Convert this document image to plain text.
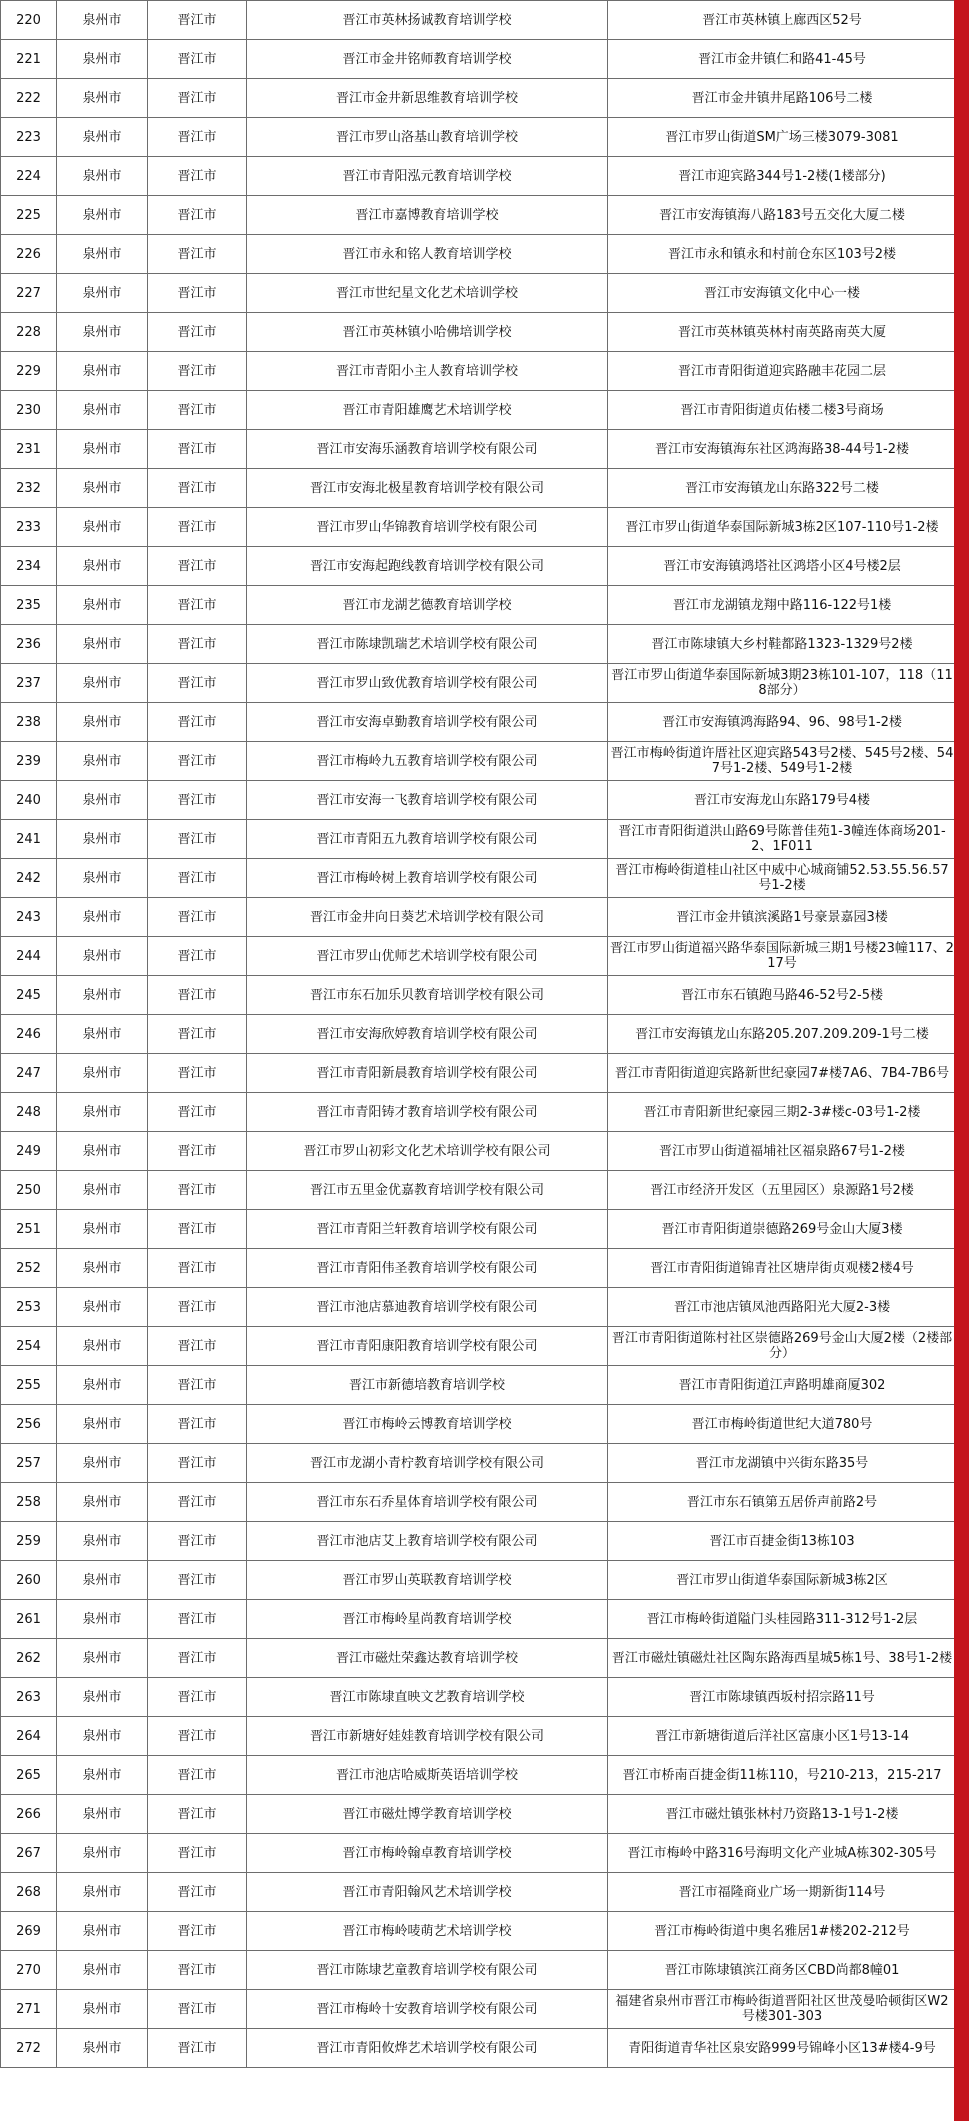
220	泉州市	晋江市	晋江市英林扬诚教育培训学校	晋江市英林镇上廊西区52号
221	泉州市	晋江市	晋江市金井铭师教育培训学校	晋江市金井镇仁和路41-45号
222	泉州市	晋江市	晋江市金井新思维教育培训学校	晋江市金井镇井尾路106号二楼
223	泉州市	晋江市	晋江市罗山洛基山教育培训学校	晋江市罗山街道SM广场三楼3079-3081
224	泉州市	晋江市	晋江市青阳泓元教育培训学校	晋江市迎宾路344号1-2楼(1楼部分)
225	泉州市	晋江市	晋江市嘉博教育培训学校	晋江市安海镇海八路183号五交化大厦二楼
226	泉州市	晋江市	晋江市永和铭人教育培训学校	晋江市永和镇永和村前仓东区103号2楼
227	泉州市	晋江市	晋江市世纪星文化艺术培训学校	晋江市安海镇文化中心一楼
228	泉州市	晋江市	晋江市英林镇小哈佛培训学校	晋江市英林镇英林村南英路南英大厦
229	泉州市	晋江市	晋江市青阳小主人教育培训学校	晋江市青阳街道迎宾路融丰花园二层
230	泉州市	晋江市	晋江市青阳雄鹰艺术培训学校	晋江市青阳街道贞佑楼二楼3号商场
231	泉州市	晋江市	晋江市安海乐涵教育培训学校有限公司	晋江市安海镇海东社区鸿海路38-44号1-2楼
232	泉州市	晋江市	晋江市安海北极星教育培训学校有限公司	晋江市安海镇龙山东路322号二楼
233	泉州市	晋江市	晋江市罗山华锦教育培训学校有限公司	晋江市罗山街道华泰国际新城3栋2区107-110号1-2楼
234	泉州市	晋江市	晋江市安海起跑线教育培训学校有限公司	晋江市安海镇鸿塔社区鸿塔小区4号楼2层
235	泉州市	晋江市	晋江市龙湖艺德教育培训学校	晋江市龙湖镇龙翔中路116-122号1楼
236	泉州市	晋江市	晋江市陈埭凯瑞艺术培训学校有限公司	晋江市陈埭镇大乡村鞋都路1323-1329号2楼
237	泉州市	晋江市	晋江市罗山致优教育培训学校有限公司	晋江市罗山街道华泰国际新城3期23栋101-107，118（118部分）
238	泉州市	晋江市	晋江市安海卓勤教育培训学校有限公司	晋江市安海镇鸿海路94、96、98号1-2楼
239	泉州市	晋江市	晋江市梅岭九五教育培训学校有限公司	晋江市梅岭街道许厝社区迎宾路543号2楼、545号2楼、547号1-2楼、549号1-2楼
240	泉州市	晋江市	晋江市安海一飞教育培训学校有限公司	晋江市安海龙山东路179号4楼
241	泉州市	晋江市	晋江市青阳五九教育培训学校有限公司	晋江市青阳街道洪山路69号陈普佳苑1-3幢连体商场201-2、1F011
242	泉州市	晋江市	晋江市梅岭树上教育培训学校有限公司	晋江市梅岭街道桂山社区中威中心城商铺52.53.55.56.57号1-2楼
243	泉州市	晋江市	晋江市金井向日葵艺术培训学校有限公司	晋江市金井镇滨溪路1号豪景嘉园3楼
244	泉州市	晋江市	晋江市罗山优师艺术培训学校有限公司	晋江市罗山街道福兴路华泰国际新城三期1号楼23幢117、217号
245	泉州市	晋江市	晋江市东石加乐贝教育培训学校有限公司	晋江市东石镇跑马路46-52号2-5楼
246	泉州市	晋江市	晋江市安海欣婷教育培训学校有限公司	晋江市安海镇龙山东路205.207.209.209-1号二楼
247	泉州市	晋江市	晋江市青阳新晨教育培训学校有限公司	晋江市青阳街道迎宾路新世纪豪园7#楼7A6、7B4-7B6号
248	泉州市	晋江市	晋江市青阳铸才教育培训学校有限公司	晋江市青阳新世纪豪园三期2-3#楼c-03号1-2楼
249	泉州市	晋江市	晋江市罗山初彩文化艺术培训学校有限公司	晋江市罗山街道福埔社区福泉路67号1-2楼
250	泉州市	晋江市	晋江市五里金优嘉教育培训学校有限公司	晋江市经济开发区（五里园区）泉源路1号2楼
251	泉州市	晋江市	晋江市青阳兰轩教育培训学校有限公司	晋江市青阳街道崇德路269号金山大厦3楼
252	泉州市	晋江市	晋江市青阳伟圣教育培训学校有限公司	晋江市青阳街道锦青社区塘岸街贞观楼2楼4号
253	泉州市	晋江市	晋江市池店慕迪教育培训学校有限公司	晋江市池店镇凤池西路阳光大厦2-3楼
254	泉州市	晋江市	晋江市青阳康阳教育培训学校有限公司	晋江市青阳街道陈村社区崇德路269号金山大厦2楼（2楼部分）
255	泉州市	晋江市	晋江市新德培教育培训学校	晋江市青阳街道江声路明雄商厦302
256	泉州市	晋江市	晋江市梅岭云博教育培训学校	晋江市梅岭街道世纪大道780号
257	泉州市	晋江市	晋江市龙湖小青柠教育培训学校有限公司	晋江市龙湖镇中兴街东路35号
258	泉州市	晋江市	晋江市东石乔星体育培训学校有限公司	晋江市东石镇第五居侨声前路2号
259	泉州市	晋江市	晋江市池店艾上教育培训学校有限公司	晋江市百捷金街13栋103
260	泉州市	晋江市	晋江市罗山英联教育培训学校	晋江市罗山街道华泰国际新城3栋2区
261	泉州市	晋江市	晋江市梅岭星尚教育培训学校	晋江市梅岭街道隘门头桂园路311-312号1-2层
262	泉州市	晋江市	晋江市磁灶荣鑫达教育培训学校	晋江市磁灶镇磁灶社区陶东路海西星城5栋1号、38号1-2楼
263	泉州市	晋江市	晋江市陈埭直映文艺教育培训学校	晋江市陈埭镇西坂村招宗路11号
264	泉州市	晋江市	晋江市新塘好娃娃教育培训学校有限公司	晋江市新塘街道后洋社区富康小区1号13-14
265	泉州市	晋江市	晋江市池店哈威斯英语培训学校	晋江市桥南百捷金街11栋110，号210-213，215-217
266	泉州市	晋江市	晋江市磁灶博学教育培训学校	晋江市磁灶镇张林村乃资路13-1号1-2楼
267	泉州市	晋江市	晋江市梅岭翰卓教育培训学校	晋江市梅岭中路316号海明文化产业城A栋302-305号
268	泉州市	晋江市	晋江市青阳翰风艺术培训学校	晋江市福隆商业广场一期新街114号
269	泉州市	晋江市	晋江市梅岭唛萌艺术培训学校	晋江市梅岭街道中奥名雅居1#楼202-212号
270	泉州市	晋江市	晋江市陈埭艺童教育培训学校有限公司	晋江市陈埭镇滨江商务区CBD尚都8幢01
271	泉州市	晋江市	晋江市梅岭十安教育培训学校有限公司	福建省泉州市晋江市梅岭街道晋阳社区世茂曼哈顿街区W2号楼301-303
272	泉州市	晋江市	晋江市青阳攸烨艺术培训学校有限公司	青阳街道青华社区泉安路999号锦峰小区13#楼4-9号
